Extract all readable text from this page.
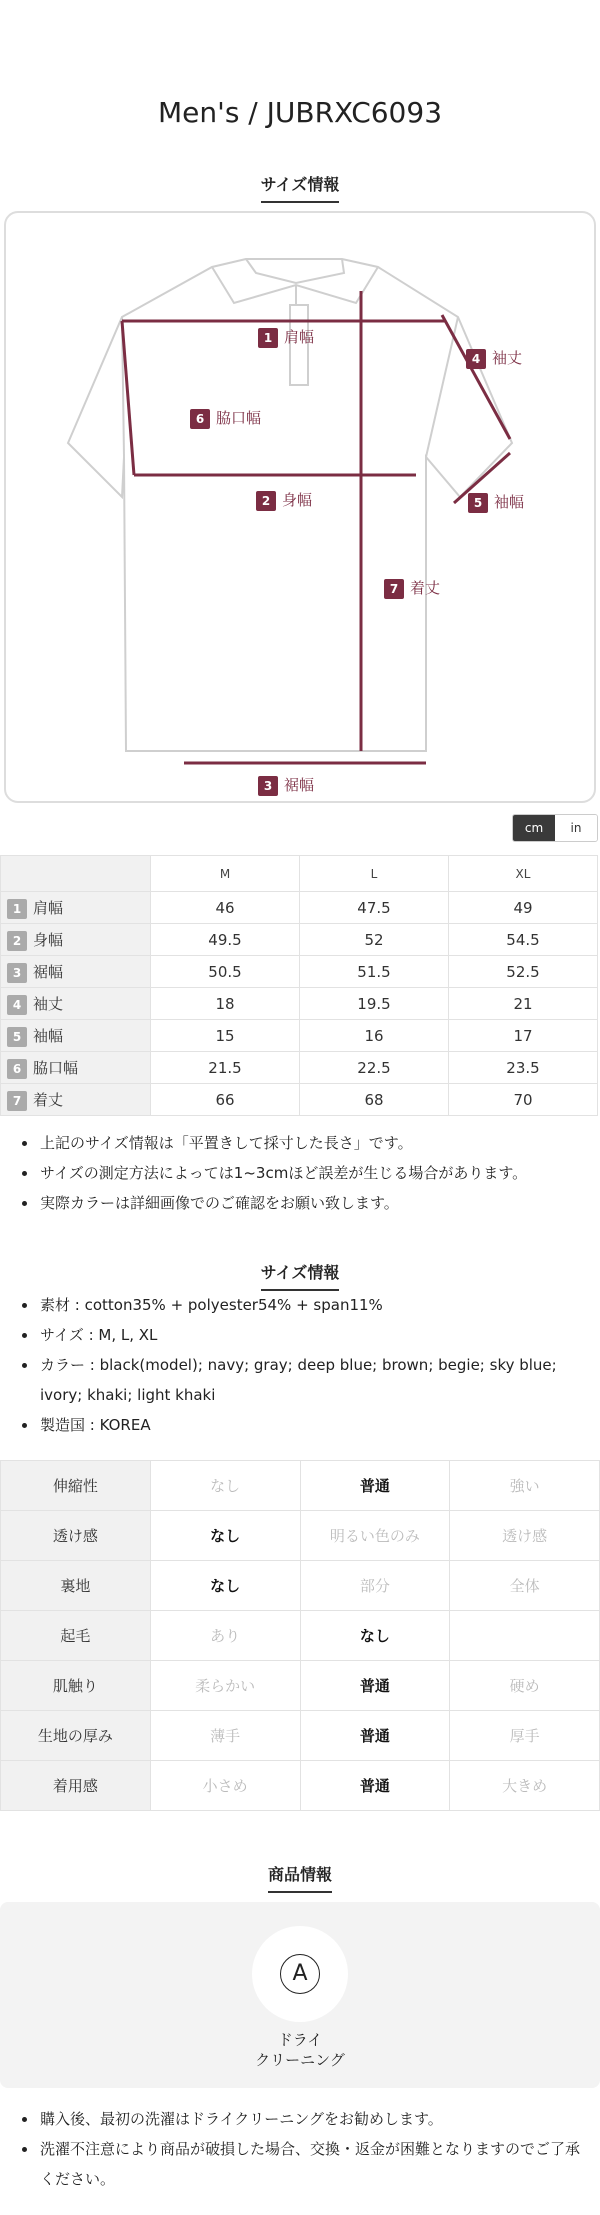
Men's / JUBRXC6093
サイズ情報
1 肩幅
6 脇口幅
2 身幅
4 袖丈
5 袖幅
7 着丈
3 裾幅
cm	in
	M	L	XL
1 肩幅	46	47.5	49
2 身幅	49.5	52	54.5
3 裾幅	50.5	51.5	52.5
4 袖丈	18	19.5	21
5 袖幅	15	16	17
6 脇口幅	21.5	22.5	23.5
7 着丈	66	68	70
上記のサイズ情報は「平置きして採寸した長さ」です。
サイズの測定方法によっては1~3cmほど誤差が生じる場合があります。
実際カラーは詳細画像でのご確認をお願い致します。
サイズ情報
素材 : cotton35% + polyester54% + span11%
サイズ : M, L, XL
カラー : black(model); navy; gray; deep blue; brown; begie; sky blue; ivory; khaki; light khaki
製造国 : KOREA
伸縮性	なし	普通	強い
透け感	なし	明るい色のみ	透け感
裏地	なし	部分	全体
起毛	あり	なし	
肌触り	柔らかい	普通	硬め
生地の厚み	薄手	普通	厚手
着用感	小さめ	普通	大きめ
商品情報
A
ドライ
クリーニング
購入後、最初の洗濯はドライクリーニングをお勧めします。
洗濯不注意により商品が破損した場合、交換・返金が困難となりますのでご了承ください。
